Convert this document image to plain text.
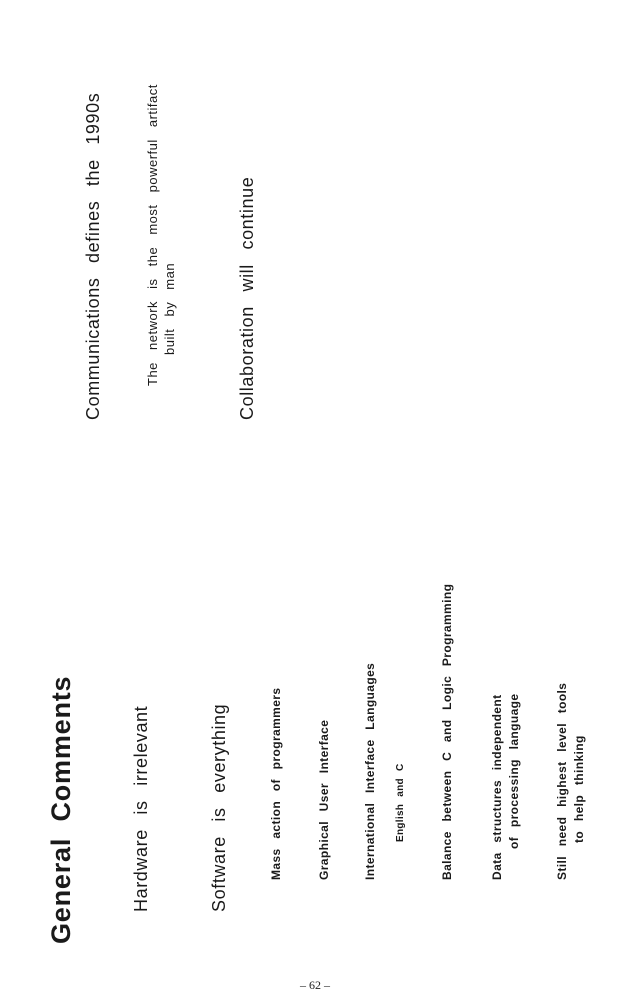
General Comments	Hardware is irrelevant	Software is everything	Mass action of programmers	Graphical User Interface	International Interface Languages English and C	Balance between C and Logic Programming	Data structures independent of processing language	Still need highest level tools to help thinking
Communications defines the 1990s	The network is the most powerful artifact built by man	Collaboration will continue
– 62 –
